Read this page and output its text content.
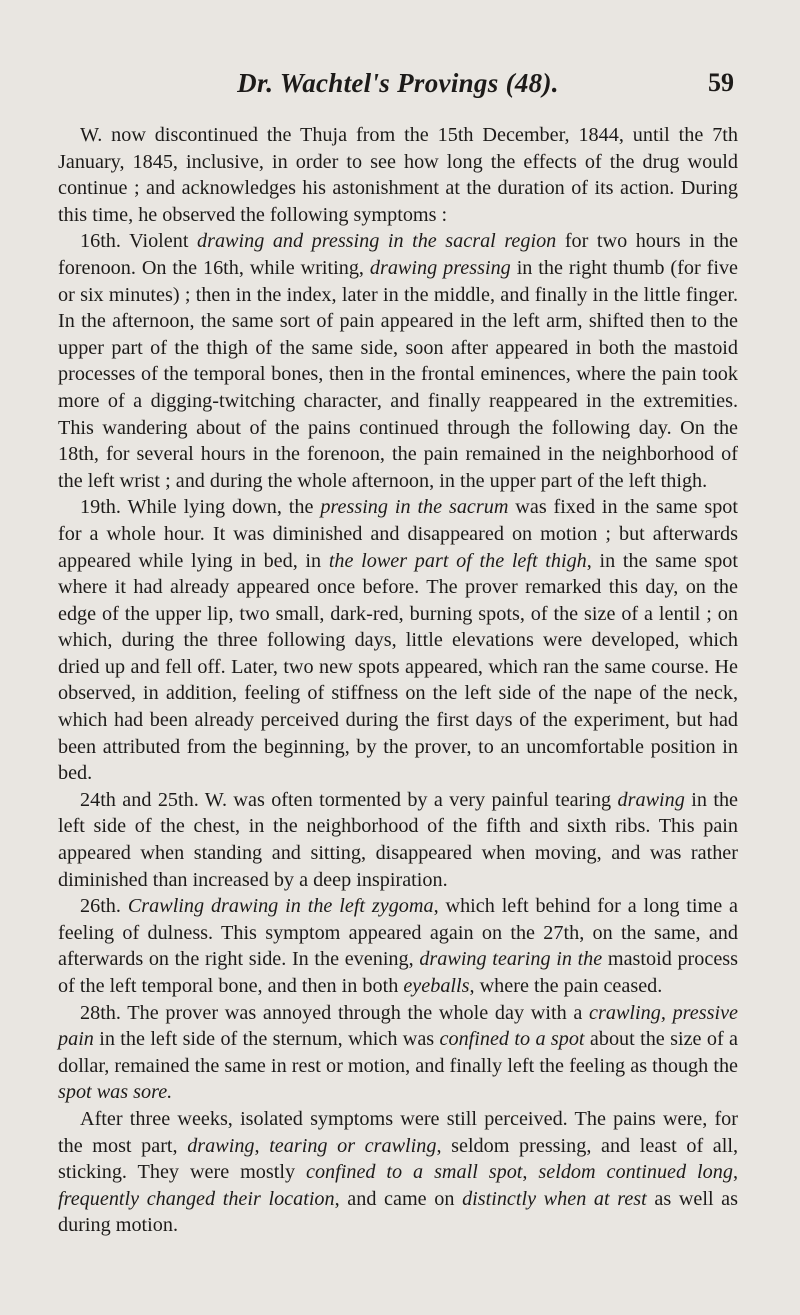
Dr. Wachtel's Provings (48).	59

W. now discontinued the Thuja from the 15th December, 1844, until the 7th January, 1845, inclusive, in order to see how long the effects of the drug would continue ; and acknowledges his astonishment at the duration of its action. During this time, he observed the following symptoms :

16th. Violent drawing and pressing in the sacral region for two hours in the forenoon. On the 16th, while writing, drawing pressing in the right thumb (for five or six minutes) ; then in the index, later in the middle, and finally in the little finger. In the afternoon, the same sort of pain appeared in the left arm, shifted then to the upper part of the thigh of the same side, soon after appeared in both the mastoid processes of the temporal bones, then in the frontal eminences, where the pain took more of a digging-twitching character, and finally reappeared in the extremities. This wandering about of the pains continued through the following day. On the 18th, for several hours in the forenoon, the pain remained in the neighborhood of the left wrist ; and during the whole afternoon, in the upper part of the left thigh.

19th. While lying down, the pressing in the sacrum was fixed in the same spot for a whole hour. It was diminished and disappeared on motion ; but afterwards appeared while lying in bed, in the lower part of the left thigh, in the same spot where it had already appeared once before. The prover remarked this day, on the edge of the upper lip, two small, dark-red, burning spots, of the size of a lentil ; on which, during the three following days, little elevations were developed, which dried up and fell off. Later, two new spots appeared, which ran the same course. He observed, in addition, feeling of stiffness on the left side of the nape of the neck, which had been already perceived during the first days of the experiment, but had been attributed from the beginning, by the prover, to an uncomfortable position in bed.

24th and 25th. W. was often tormented by a very painful tearing drawing in the left side of the chest, in the neighborhood of the fifth and sixth ribs. This pain appeared when standing and sitting, disappeared when moving, and was rather diminished than increased by a deep inspiration.

26th. Crawling drawing in the left zygoma, which left behind for a long time a feeling of dulness. This symptom appeared again on the 27th, on the same, and afterwards on the right side. In the evening, drawing tearing in the mastoid process of the left temporal bone, and then in both eyeballs, where the pain ceased.

28th. The prover was annoyed through the whole day with a crawling, pressive pain in the left side of the sternum, which was confined to a spot about the size of a dollar, remained the same in rest or motion, and finally left the feeling as though the spot was sore.

After three weeks, isolated symptoms were still perceived. The pains were, for the most part, drawing, tearing or crawling, seldom pressing, and least of all, sticking. They were mostly confined to a small spot, seldom continued long, frequently changed their location, and came on distinctly when at rest as well as during motion.
